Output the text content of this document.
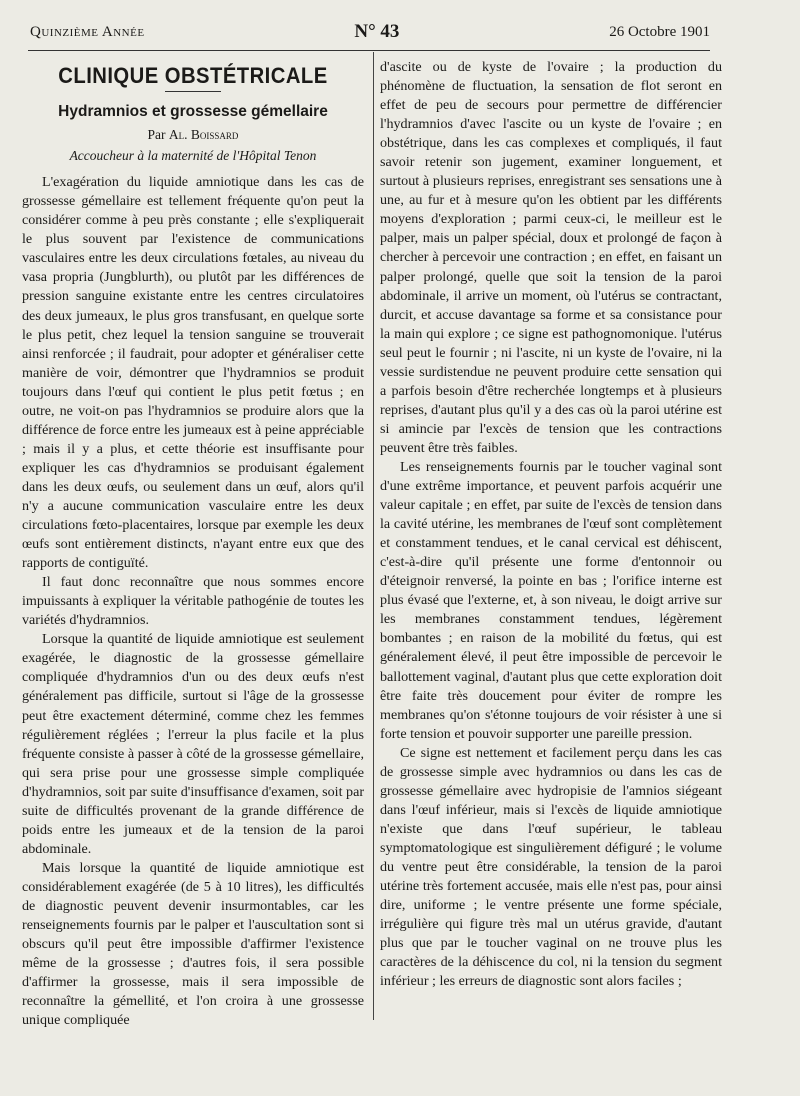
Quinzième Année	N° 43	26 Octobre 1901
CLINIQUE OBSTÉTRICALE
Hydramnios et grossesse gémellaire
Par Al. Boissard
Accoucheur à la maternité de l'Hôpital Tenon

L'exagération du liquide amniotique dans les cas de grossesse gémellaire est tellement fréquente qu'on peut la considérer comme à peu près constante ; elle s'expliquerait le plus souvent par l'existence de communications vasculaires entre les deux circulations fœtales, au niveau du vasa propria (Jungblurth), ou plutôt par les différences de pression sanguine existante entre les centres circulatoires des deux jumeaux, le plus gros transfusant, en quelque sorte le plus petit, chez lequel la tension sanguine se trouverait ainsi renforcée ; il faudrait, pour adopter et généraliser cette manière de voir, démontrer que l'hydramnios se produit toujours dans l'œuf qui contient le plus petit fœtus ; en outre, ne voit-on pas l'hydramnios se produire alors que la différence de force entre les jumeaux est à peine appréciable ; mais il y a plus, et cette théorie est insuffisante pour expliquer les cas d'hydramnios se produisant également dans les deux œufs, ou seulement dans un œuf, alors qu'il n'y a aucune communication vasculaire entre les deux circulations fœto-placentaires, lorsque par exemple les deux œufs sont entièrement distincts, n'ayant entre eux que des rapports de contiguïté.

Il faut donc reconnaître que nous sommes encore impuissants à expliquer la véritable pathogénie de toutes les variétés d'hydramnios.

Lorsque la quantité de liquide amniotique est seulement exagérée, le diagnostic de la grossesse gémellaire compliquée d'hydramnios d'un ou des deux œufs n'est généralement pas difficile, surtout si l'âge de la grossesse peut être exactement déterminé, comme chez les femmes régulièrement réglées ; l'erreur la plus facile et la plus fréquente consiste à passer à côté de la grossesse gémellaire, qui sera prise pour une grossesse simple compliquée d'hydramnios, soit par suite d'insuffisance d'examen, soit par suite de difficultés provenant de la grande différence de poids entre les jumeaux et de la tension de la paroi abdominale.

Mais lorsque la quantité de liquide amniotique est considérablement exagérée (de 5 à 10 litres), les difficultés de diagnostic peuvent devenir insurmontables, car les renseignements fournis par le palper et l'auscultation sont si obscurs qu'il peut être impossible d'affirmer l'existence même de la grossesse ; d'autres fois, il sera possible d'affirmer la grossesse, mais il sera impossible de reconnaître la gémellité, et l'on croira à une grossesse unique compliquée

d'ascite ou de kyste de l'ovaire ; la production du phénomène de fluctuation, la sensation de flot seront en effet de peu de secours pour permettre de différencier l'hydramnios d'avec l'ascite ou un kyste de l'ovaire ; en obstétrique, dans les cas complexes et compliqués, il faut savoir retenir son jugement, examiner longuement, et surtout à plusieurs reprises, enregistrant ses sensations une à une, au fur et à mesure qu'on les obtient par les différents moyens d'exploration ; parmi ceux-ci, le meilleur est le palper, mais un palper spécial, doux et prolongé de façon à chercher à percevoir une contraction ; en effet, en faisant un palper prolongé, quelle que soit la tension de la paroi abdominale, il arrive un moment, où l'utérus se contractant, durcit, et accuse davantage sa forme et sa consistance pour la main qui explore ; ce signe est pathognomonique. l'utérus seul peut le fournir ; ni l'ascite, ni un kyste de l'ovaire, ni la vessie surdistendue ne peuvent produire cette sensation qui a parfois besoin d'être recherchée longtemps et à plusieurs reprises, d'autant plus qu'il y a des cas où la paroi utérine est si amincie par l'excès de tension que les contractions peuvent être très faibles.

Les renseignements fournis par le toucher vaginal sont d'une extrême importance, et peuvent parfois acquérir une valeur capitale ; en effet, par suite de l'excès de tension dans la cavité utérine, les membranes de l'œuf sont complètement et constamment tendues, et le canal cervical est déhiscent, c'est-à-dire qu'il présente une forme d'entonnoir ou d'éteignoir renversé, la pointe en bas ; l'orifice interne est plus évasé que l'externe, et, à son niveau, le doigt arrive sur les membranes constamment tendues, légèrement bombantes ; en raison de la mobilité du fœtus, qui est généralement élevé, il peut être impossible de percevoir le ballottement vaginal, d'autant plus que cette exploration doit être faite très doucement pour éviter de rompre les membranes qu'on s'étonne toujours de voir résister à une si forte tension et pouvoir supporter une pareille pression.

Ce signe est nettement et facilement perçu dans les cas de grossesse simple avec hydramnios ou dans les cas de grossesse gémellaire avec hydropisie de l'amnios siégeant dans l'œuf inférieur, mais si l'excès de liquide amniotique n'existe que dans l'œuf supérieur, le tableau symptomatologique est singulièrement défiguré ; le volume du ventre peut être considérable, la tension de la paroi utérine très fortement accusée, mais elle n'est pas, pour ainsi dire, uniforme ; le ventre présente une forme spéciale, irrégulière qui figure très mal un utérus gravide, d'autant plus que par le toucher vaginal on ne trouve plus les caractères de la déhiscence du col, ni la tension du segment inférieur ; les erreurs de diagnostic sont alors faciles ;
